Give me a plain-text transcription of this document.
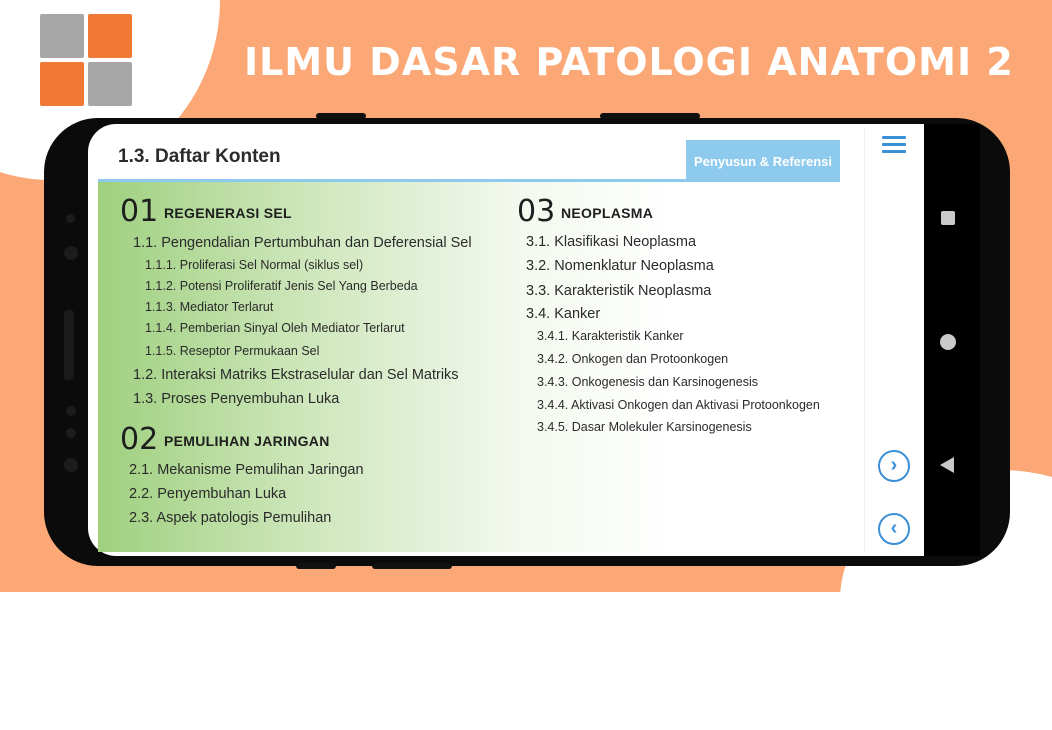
ILMU DASAR PATOLOGI ANATOMI 2
1.3. Daftar Konten	Penyusun & Referensi
01 REGENERASI SEL
1.1. Pengendalian Pertumbuhan dan Deferensial Sel
1.1.1. Proliferasi Sel Normal (siklus sel)
1.1.2. Potensi Proliferatif Jenis Sel Yang Berbeda
1.1.3. Mediator Terlarut
1.1.4. Pemberian Sinyal Oleh Mediator Terlarut
1.1.5. Reseptor Permukaan Sel
1.2. Interaksi Matriks Ekstraselular dan Sel Matriks
1.3. Proses Penyembuhan Luka
02 PEMULIHAN JARINGAN
2.1. Mekanisme Pemulihan Jaringan
2.2. Penyembuhan Luka
2.3. Aspek patologis Pemulihan
03 NEOPLASMA
3.1. Klasifikasi Neoplasma
3.2. Nomenklatur Neoplasma
3.3. Karakteristik Neoplasma
3.4. Kanker
3.4.1. Karakteristik Kanker
3.4.2. Onkogen dan Protoonkogen
3.4.3. Onkogenesis dan Karsinogenesis
3.4.4. Aktivasi Onkogen dan Aktivasi Protoonkogen
3.4.5. Dasar Molekuler Karsinogenesis
›
‹
